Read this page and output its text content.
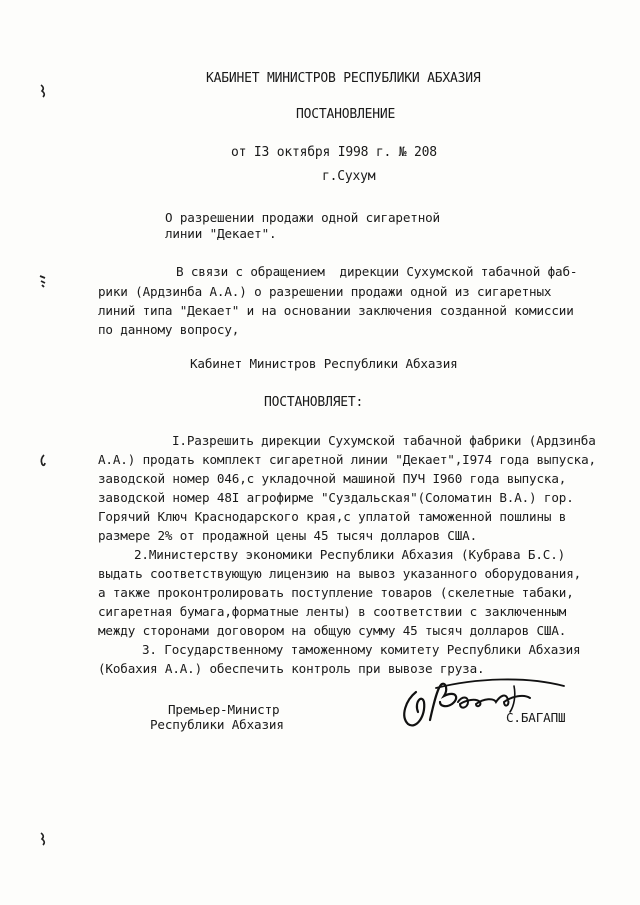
КАБИНЕТ МИНИСТРОВ РЕСПУБЛИКИ АБХАЗИЯ
ПОСТАНОВЛЕНИЕ
от I3 октября I998 г. № 208
г.Сухум
О разрешении продажи одной сигаретной
линии "Декает".
В связи с обращением  дирекции Сухумской табачной фаб-
рики (Ардзинба А.А.) о разрешении продажи одной из сигаретных
линий типа "Декает" и на основании заключения созданной комиссии
по данному вопросу,
Кабинет Министров Республики Абхазия
ПОСТАНОВЛЯЕТ:
I.Разрешить дирекции Сухумской табачной фабрики (Ардзинба
А.А.) продать комплект сигаретной линии "Декает",I974 года выпуска,
заводской номер 046,с укладочной машиной ПУЧ I960 года выпуска,
заводской номер 48I агрофирме "Суздальская"(Соломатин В.А.) гор.
Горячий Ключ Краснодарского края,с уплатой таможенной пошлины в
размере 2% от продажной цены 45 тысяч долларов США.
2.Министерству экономики Республики Абхазия (Кубрава Б.С.)
выдать соответствующую лицензию на вывоз указанного оборудования,
а также проконтролировать поступление товаров (скелетные табаки,
сигаретная бумага,форматные ленты) в соответствии с заключенным
между сторонами договором на общую сумму 45 тысяч долларов США.
3. Государственному таможенному комитету Республики Абхазия
(Кобахия А.А.) обеспечить контроль при вывозе груза.
Премьер-Министр
Республики Абхазия	С.БАГАПШ
